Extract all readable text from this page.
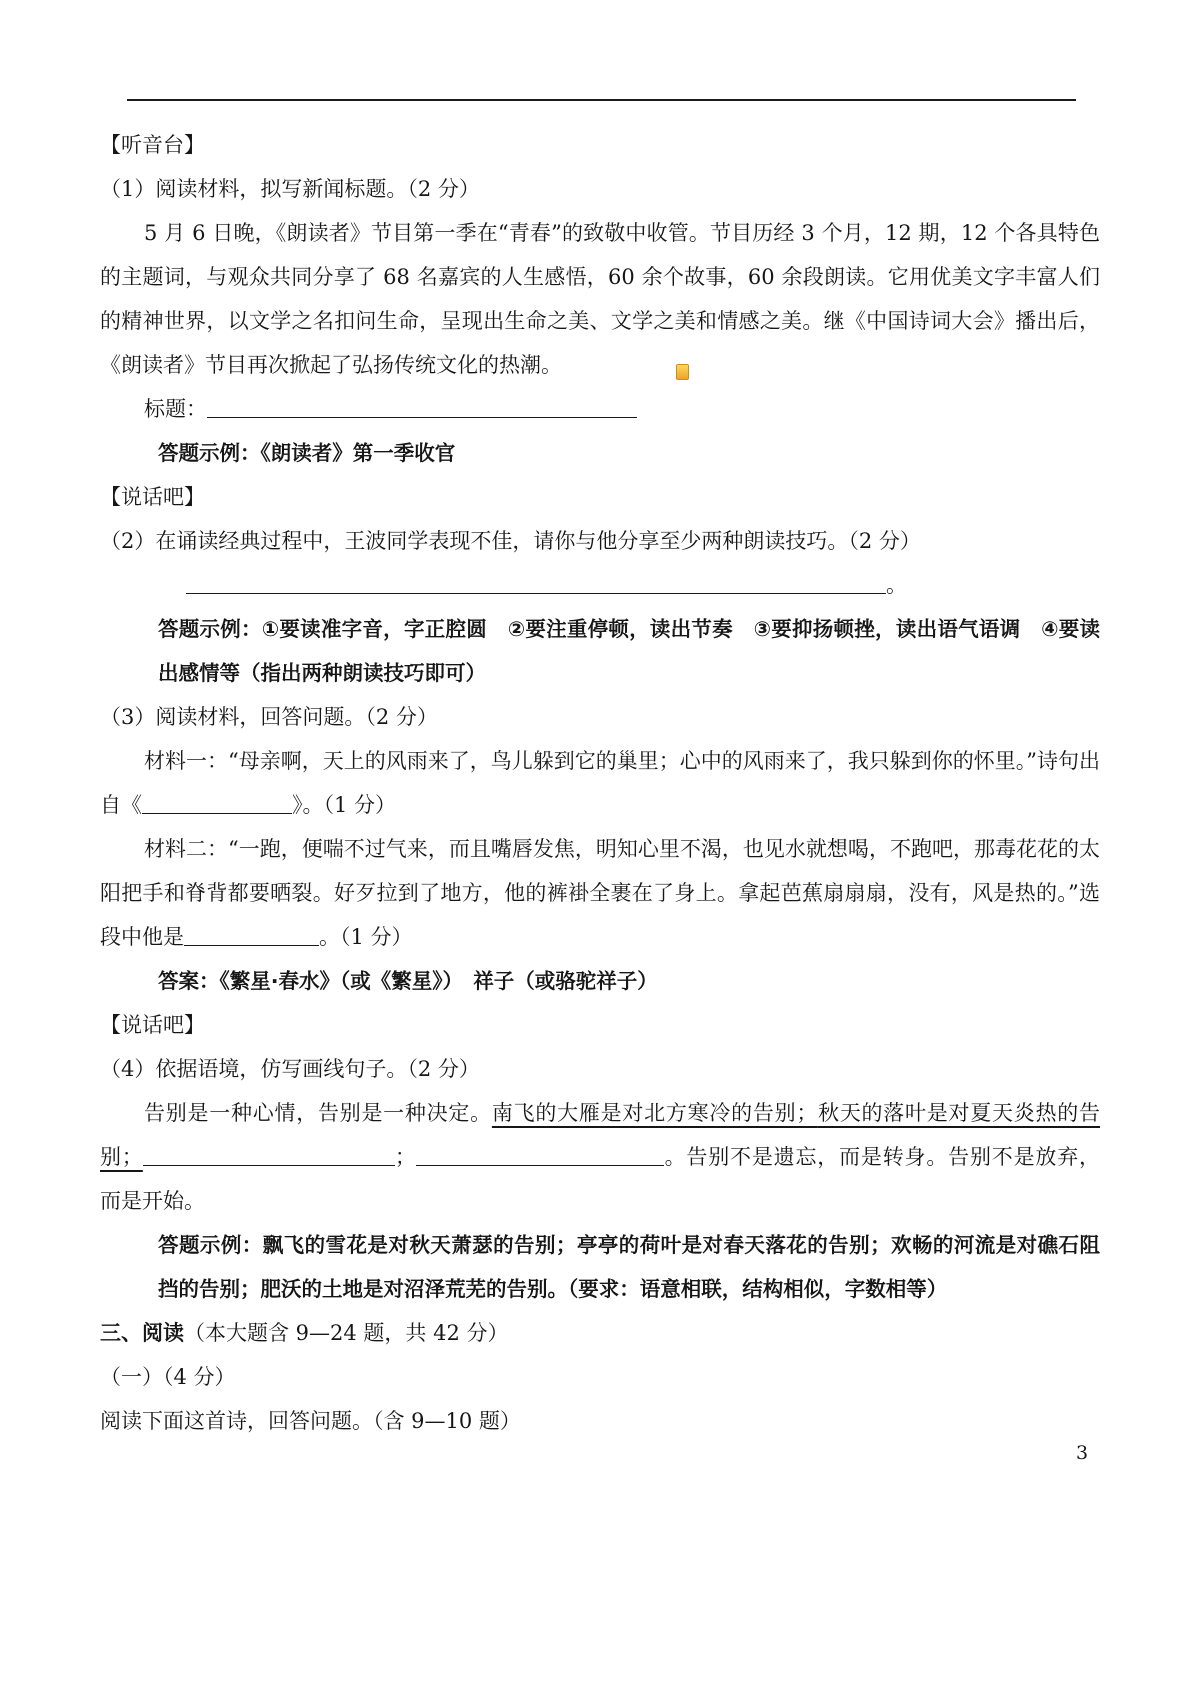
【听音台】

（1）阅读材料，拟写新闻标题。（2 分）

5 月 6 日晚，《朗读者》节目第一季在“青春”的致敬中收管。节目历经 3 个月，12 期，12 个各具特色的主题词，与观众共同分享了 68 名嘉宾的人生感悟，60 余个故事，60 余段朗读。它用优美文字丰富人们的精神世界，以文学之名扣问生命，呈现出生命之美、文学之美和情感之美。继《中国诗词大会》播出后，《朗读者》节目再次掀起了弘扬传统文化的热潮。

标题：

答题示例：《朗读者》第一季收官

【说话吧】

（2）在诵读经典过程中，王波同学表现不佳，请你与他分享至少两种朗读技巧。（2 分）

。

答题示例：①要读准字音，字正腔圆　②要注重停顿，读出节奏　③要抑扬顿挫，读出语气语调　④要读出感情等（指出两种朗读技巧即可）

（3）阅读材料，回答问题。（2 分）

材料一：“母亲啊，天上的风雨来了，鸟儿躲到它的巢里；心中的风雨来了，我只躲到你的怀里。”诗句出自《	》。（1 分）

材料二：“一跑，便喘不过气来，而且嘴唇发焦，明知心里不渴，也见水就想喝，不跑吧，那毒花花的太阳把手和脊背都要晒裂。好歹拉到了地方，他的裤褂全裹在了身上。拿起芭蕉扇扇扇，没有，风是热的。”选段中他是	。（1 分）

答案：《繁星·春水》（或《繁星》）　祥子（或骆驼祥子）

【说话吧】

（4）依据语境，仿写画线句子。（2 分）

告别是一种心情，告别是一种决定。南飞的大雁是对北方寒冷的告别；秋天的落叶是对夏天炎热的告别；	；	。告别不是遗忘，而是转身。告别不是放弃，而是开始。

答题示例：飘飞的雪花是对秋天萧瑟的告别；亭亭的荷叶是对春天落花的告别；欢畅的河流是对礁石阻挡的告别；肥沃的土地是对沼泽荒芜的告别。（要求：语意相联，结构相似，字数相等）

三、阅读（本大题含 9—24 题，共 42 分）

（一）（4 分）

阅读下面这首诗，回答问题。（含 9—10 题）

3
